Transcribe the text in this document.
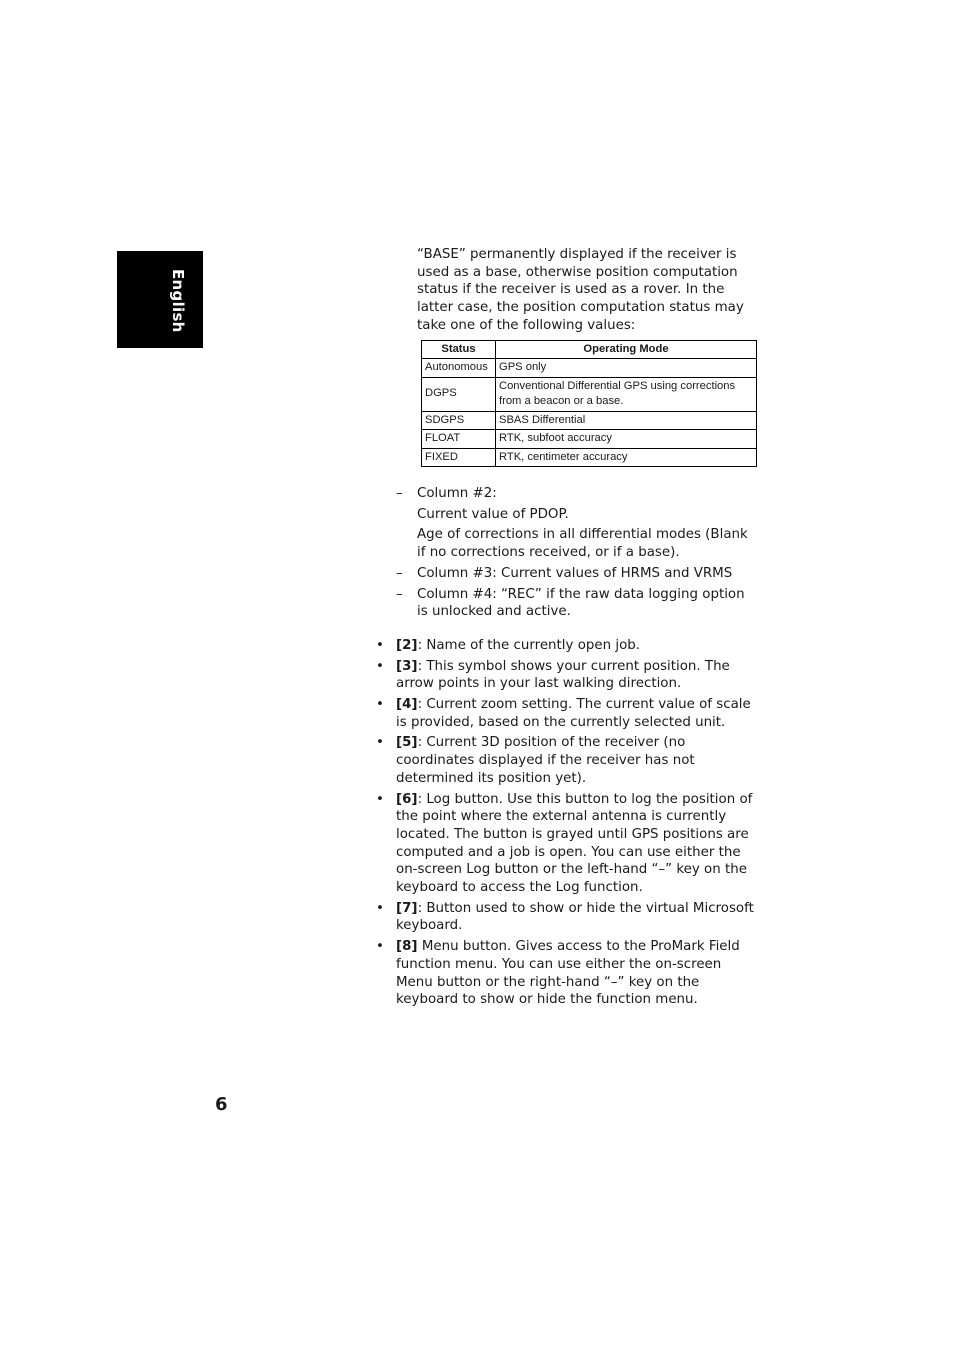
English

“BASE” permanently displayed if the receiver is used as a base, otherwise position computation status if the receiver is used as a rover. In the latter case, the position computation status may take one of the following values:

Status	Operating Mode
Autonomous	GPS only
DGPS	Conventional Differential GPS using corrections from a beacon or a base.
SDGPS	SBAS Differential
FLOAT	RTK, subfoot accuracy
FIXED	RTK, centimeter accuracy
– Column #2:

Current value of PDOP.

Age of corrections in all differential modes (Blank if no corrections received, or if a base).

– Column #3: Current values of HRMS and VRMS
– Column #4: “REC” if the raw data logging option is unlocked and active.
• [2]: Name of the currently open job.
• [3]: This symbol shows your current position. The arrow points in your last walking direction.
• [4]: Current zoom setting. The current value of scale is provided, based on the currently selected unit.
• [5]: Current 3D position of the receiver (no coordinates displayed if the receiver has not determined its position yet).
• [6]: Log button. Use this button to log the position of the point where the external antenna is currently located. The button is grayed until GPS positions are computed and a job is open. You can use either the on-screen Log button or the left-hand “–” key on the keyboard to access the Log function.
• [7]: Button used to show or hide the virtual Microsoft keyboard.
• [8] Menu button. Gives access to the ProMark Field function menu. You can use either the on-screen Menu button or the right-hand “–” key on the keyboard to show or hide the function menu.
6
